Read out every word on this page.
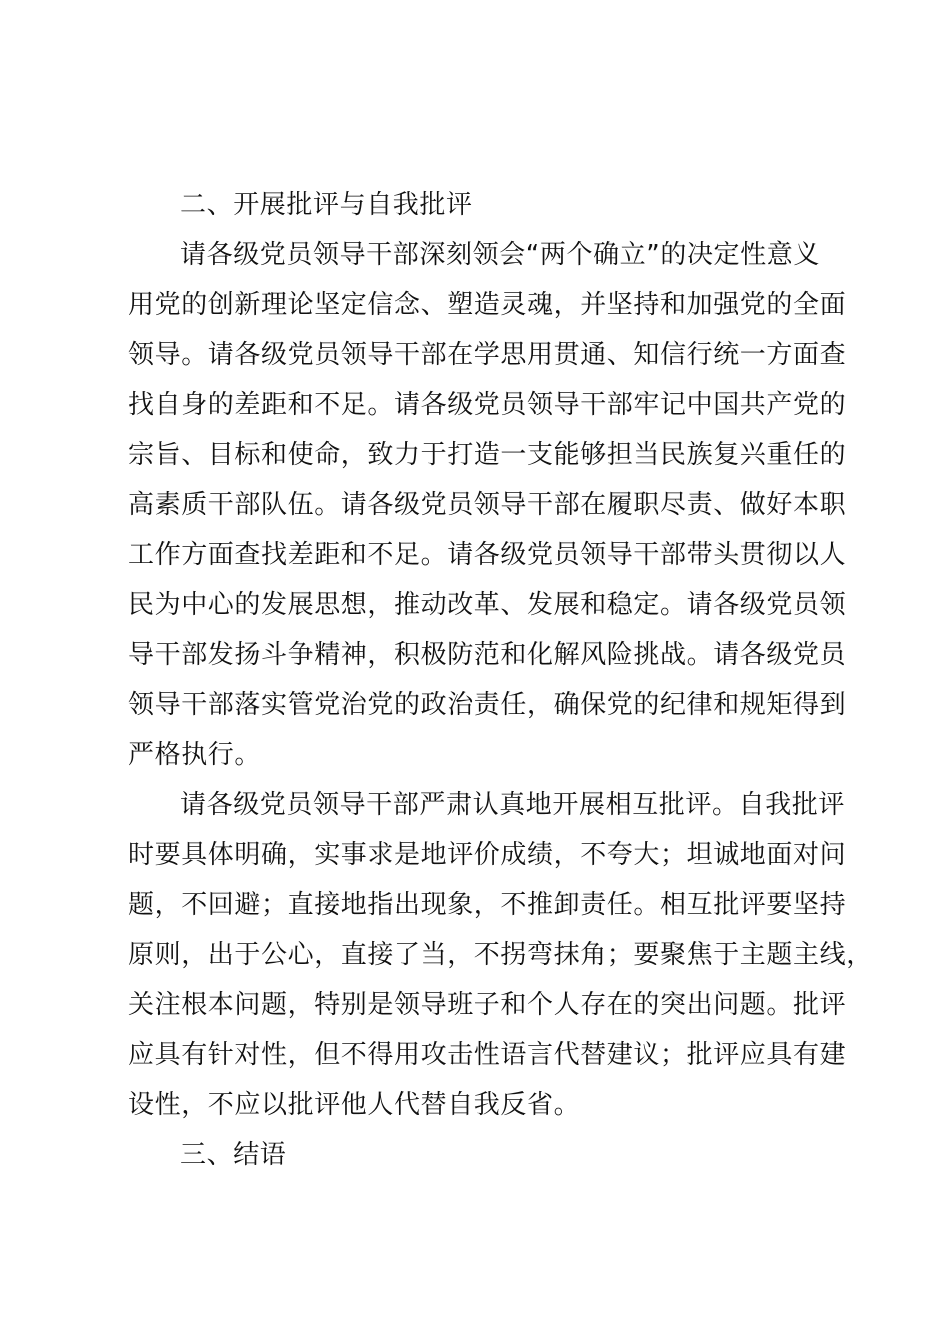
二、开展批评与自我批评

请各级党员领导干部深刻领会“两个确立”的决定性意义
用党的创新理论坚定信念、塑造灵魂，并坚持和加强党的全面
领导。请各级党员领导干部在学思用贯通、知信行统一方面查
找自身的差距和不足。请各级党员领导干部牢记中国共产党的
宗旨、目标和使命，致力于打造一支能够担当民族复兴重任的
高素质干部队伍。请各级党员领导干部在履职尽责、做好本职
工作方面查找差距和不足。请各级党员领导干部带头贯彻以人
民为中心的发展思想，推动改革、发展和稳定。请各级党员领
导干部发扬斗争精神，积极防范和化解风险挑战。请各级党员
领导干部落实管党治党的政治责任，确保党的纪律和规矩得到
严格执行。

请各级党员领导干部严肃认真地开展相互批评。自我批评
时要具体明确，实事求是地评价成绩，不夸大；坦诚地面对问
题，不回避；直接地指出现象，不推卸责任。相互批评要坚持
原则，出于公心，直接了当，不拐弯抹角；要聚焦于主题主线，
关注根本问题，特别是领导班子和个人存在的突出问题。批评
应具有针对性，但不得用攻击性语言代替建议；批评应具有建
设性，不应以批评他人代替自我反省。

三、结语
